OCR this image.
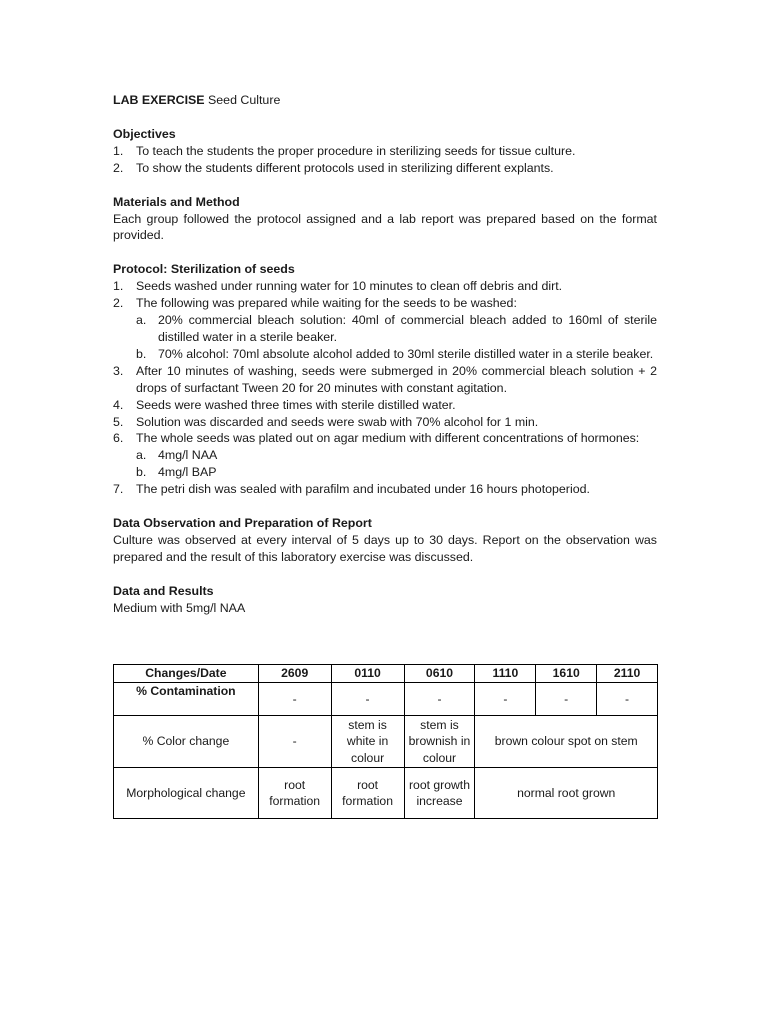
LAB EXERCISE Seed Culture
Objectives
1.	To teach the students the proper procedure in sterilizing seeds for tissue culture.
2.	To show the students different protocols used in sterilizing different explants.
Materials and Method
Each group followed the protocol assigned and a lab report was prepared based on the format provided.
Protocol: Sterilization of seeds
1.	Seeds washed under running water for 10 minutes to clean off debris and dirt.
2.	The following was prepared while waiting for the seeds to be washed:
a. 20% commercial bleach solution: 40ml of commercial bleach added to 160ml of sterile distilled water in a sterile beaker.
b. 70% alcohol: 70ml absolute alcohol added to 30ml sterile distilled water in a sterile beaker.
3.	After 10 minutes of washing, seeds were submerged in 20% commercial bleach solution + 2 drops of surfactant Tween 20 for 20 minutes with constant agitation.
4.	Seeds were washed three times with sterile distilled water.
5.	Solution was discarded and seeds were swab with 70% alcohol for 1 min.
6.	The whole seeds was plated out on agar medium with different concentrations of hormones:
a. 4mg/l NAA
b. 4mg/l BAP
7.	The petri dish was sealed with parafilm and incubated under 16 hours photoperiod.
Data Observation and Preparation of Report
Culture was observed at every interval of 5 days up to 30 days. Report on the observation was prepared and the result of this laboratory exercise was discussed.
Data and Results
Medium with 5mg/l NAA
Changes/Date	2609	0110	0610	1110	1610	2110
% Contamination	-	-	-	-	-	-
% Color change	-	stem is white in colour	stem is brownish in colour	brown colour spot on stem		
Morphological change	root formation	root formation	root growth increase	normal root grown		
